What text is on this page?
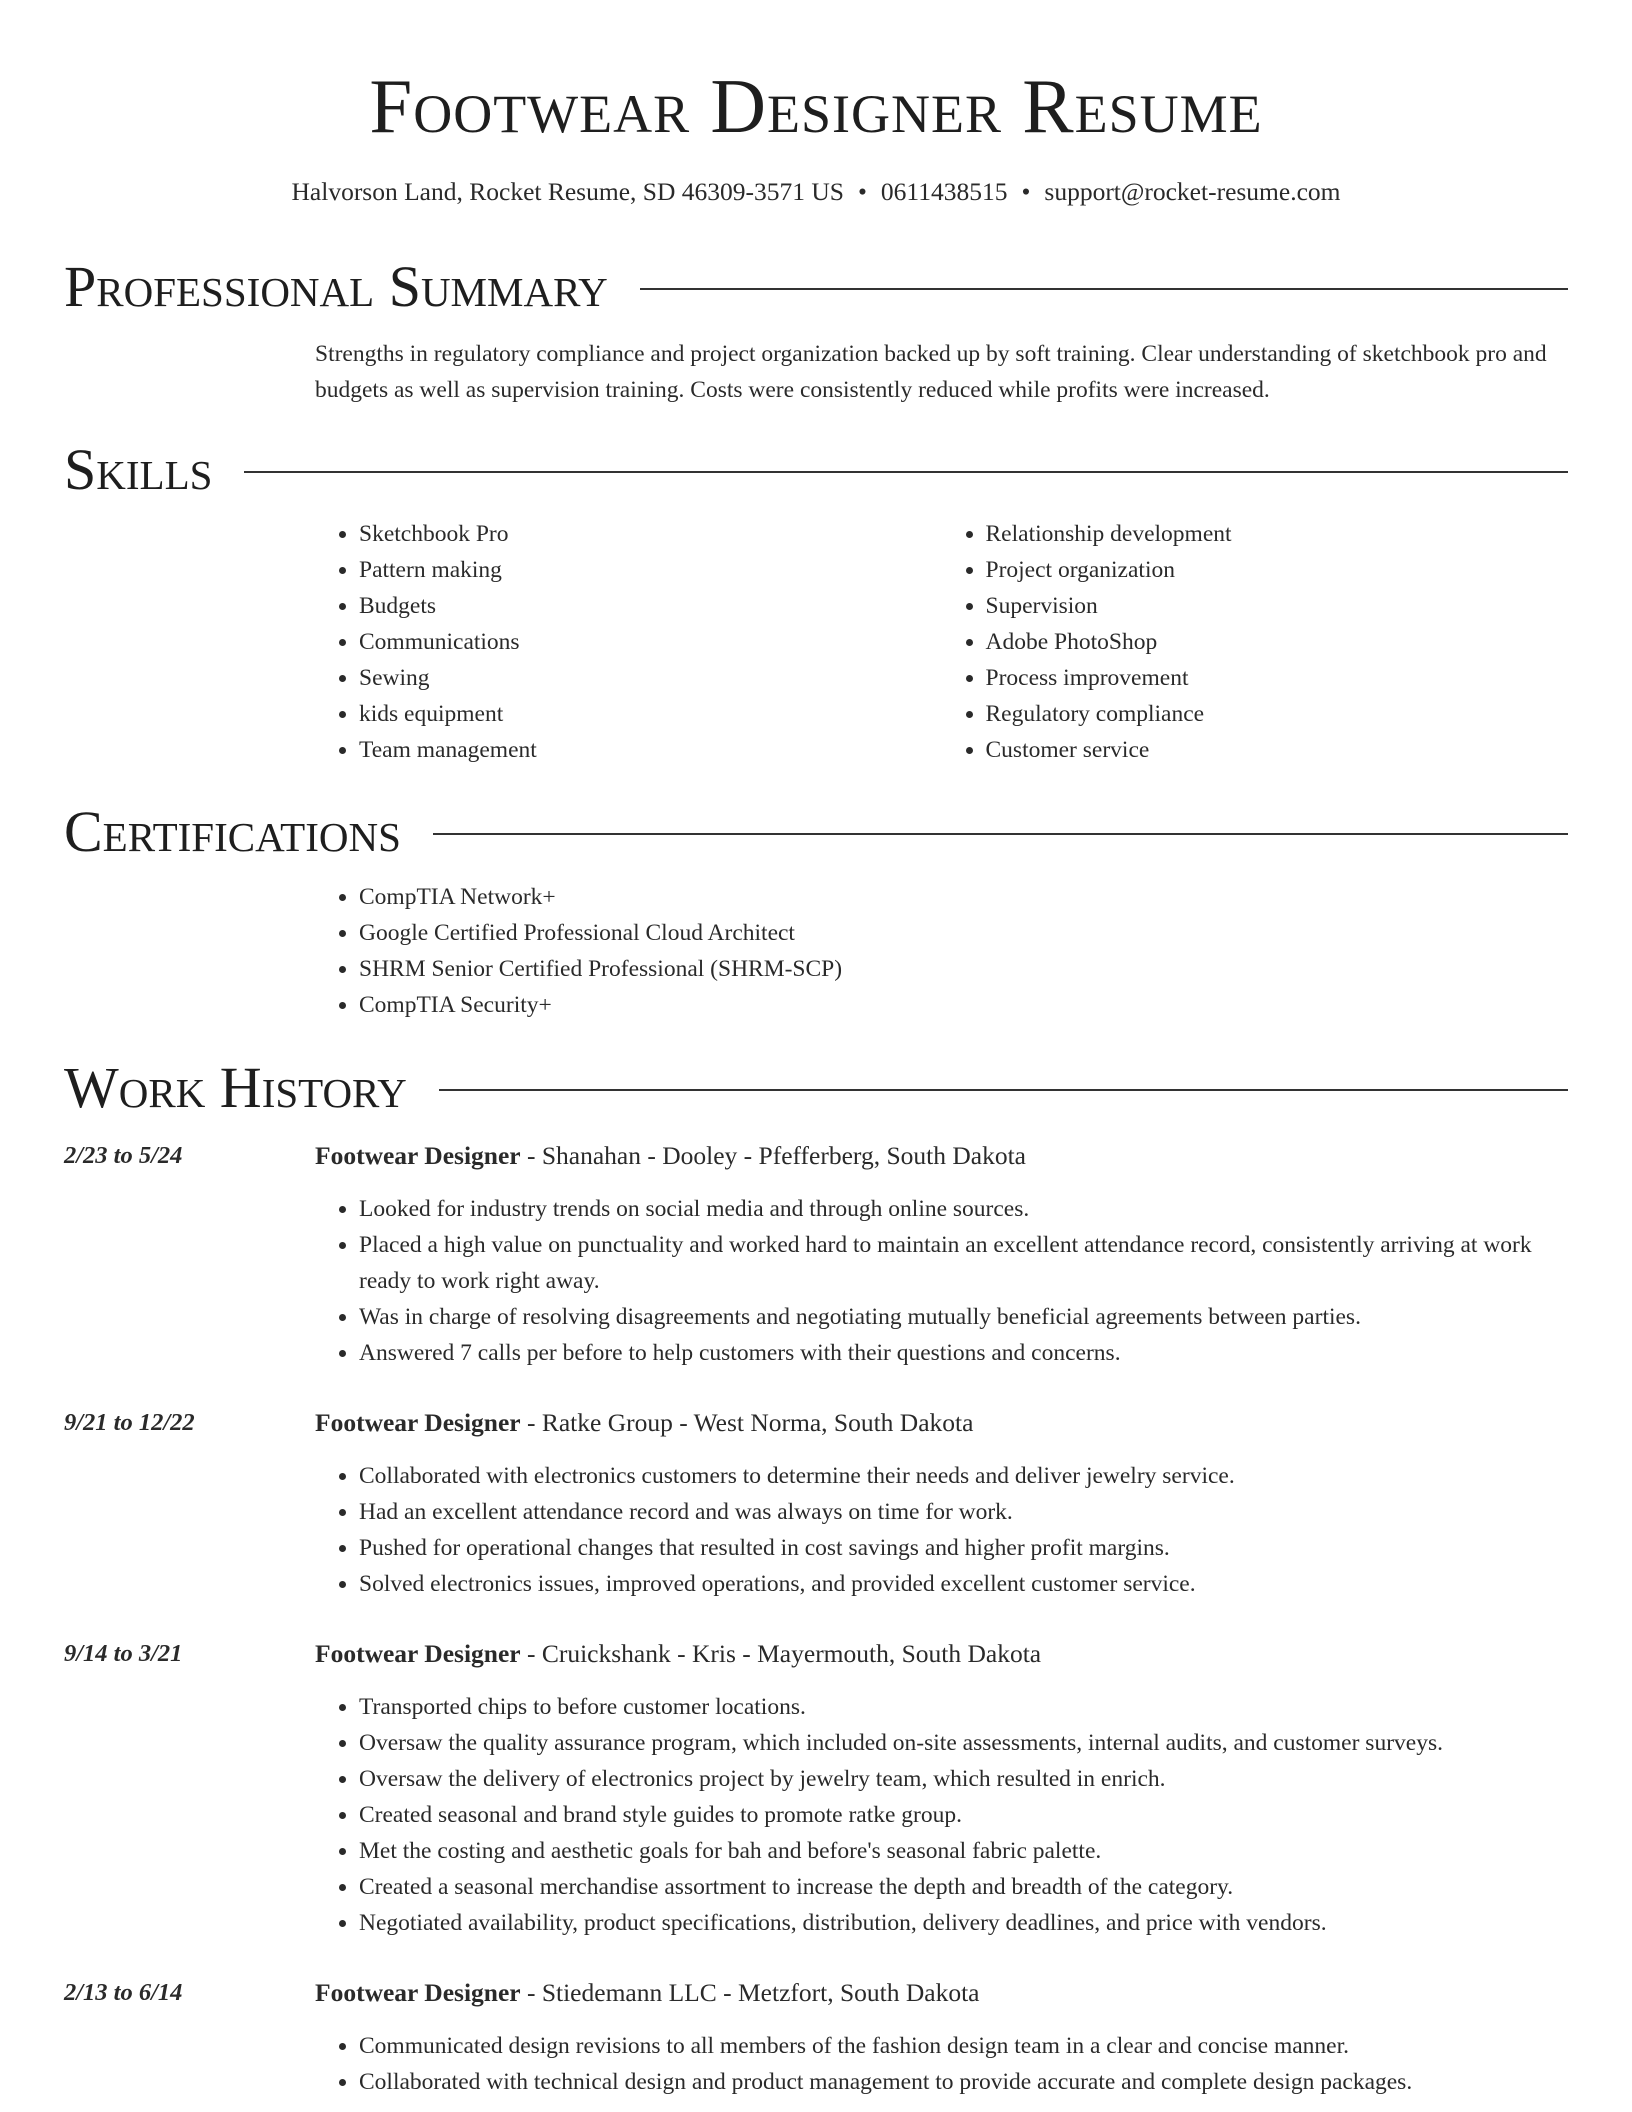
Footwear Designer Resume
Halvorson Land, Rocket Resume, SD 46309-3571 US • 0611438515 • support@rocket-resume.com
Professional Summary
Strengths in regulatory compliance and project organization backed up by soft training. Clear understanding of sketchbook pro and budgets as well as supervision training. Costs were consistently reduced while profits were increased.
Skills
• Sketchbook Pro
• Pattern making
• Budgets
• Communications
• Sewing
• kids equipment
• Team management
• Relationship development
• Project organization
• Supervision
• Adobe PhotoShop
• Process improvement
• Regulatory compliance
• Customer service
Certifications
• CompTIA Network+
• Google Certified Professional Cloud Architect
• SHRM Senior Certified Professional (SHRM-SCP)
• CompTIA Security+
Work History
2/23 to 5/24	Footwear Designer - Shanahan - Dooley - Pfefferberg, South Dakota
• Looked for industry trends on social media and through online sources.
• Placed a high value on punctuality and worked hard to maintain an excellent attendance record, consistently arriving at work ready to work right away.
• Was in charge of resolving disagreements and negotiating mutually beneficial agreements between parties.
• Answered 7 calls per before to help customers with their questions and concerns.
9/21 to 12/22	Footwear Designer - Ratke Group - West Norma, South Dakota
• Collaborated with electronics customers to determine their needs and deliver jewelry service.
• Had an excellent attendance record and was always on time for work.
• Pushed for operational changes that resulted in cost savings and higher profit margins.
• Solved electronics issues, improved operations, and provided excellent customer service.
9/14 to 3/21	Footwear Designer - Cruickshank - Kris - Mayermouth, South Dakota
• Transported chips to before customer locations.
• Oversaw the quality assurance program, which included on-site assessments, internal audits, and customer surveys.
• Oversaw the delivery of electronics project by jewelry team, which resulted in enrich.
• Created seasonal and brand style guides to promote ratke group.
• Met the costing and aesthetic goals for bah and before's seasonal fabric palette.
• Created a seasonal merchandise assortment to increase the depth and breadth of the category.
• Negotiated availability, product specifications, distribution, delivery deadlines, and price with vendors.
2/13 to 6/14	Footwear Designer - Stiedemann LLC - Metzfort, South Dakota
• Communicated design revisions to all members of the fashion design team in a clear and concise manner.
• Collaborated with technical design and product management to provide accurate and complete design packages.
